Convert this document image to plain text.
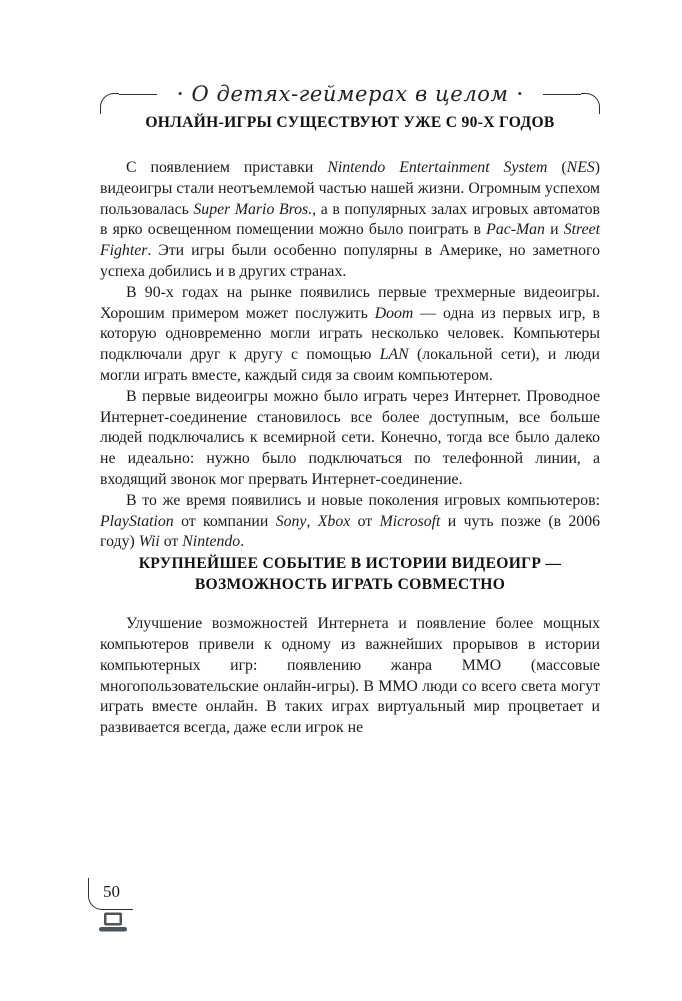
• О детях-геймерах в целом •
ОНЛАЙН-ИГРЫ СУЩЕСТВУЮТ УЖЕ С 90-Х ГОДОВ

С появлением приставки Nintendo Entertainment System (NES) видеоигры стали неотъемлемой частью нашей жизни. Огромным успехом пользовалась Super Mario Bros., а в популярных залах игровых автоматов в ярко освещенном помещении можно было поиграть в Pac-Man и Street Fighter. Эти игры были особенно популярны в Америке, но заметного успеха добились и в других странах.

В 90-х годах на рынке появились первые трехмерные видеоигры. Хорошим примером может послужить Doom — одна из первых игр, в которую одновременно могли играть несколько человек. Компьютеры подключали друг к другу с помощью LAN (локальной сети), и люди могли играть вместе, каждый сидя за своим компьютером.

В первые видеоигры можно было играть через Интернет. Проводное Интернет-соединение становилось все более доступным, все больше людей подключались к всемирной сети. Конечно, тогда все было далеко не идеально: нужно было подключаться по телефонной линии, а входящий звонок мог прервать Интернет-соединение.

В то же время появились и новые поколения игровых компьютеров: PlayStation от компании Sony, Xbox от Microsoft и чуть позже (в 2006 году) Wii от Nintendo.

КРУПНЕЙШЕЕ СОБЫТИЕ В ИСТОРИИ ВИДЕОИГР —
ВОЗМОЖНОСТЬ ИГРАТЬ СОВМЕСТНО

Улучшение возможностей Интернета и появление более мощных компьютеров привели к одному из важнейших прорывов в истории компьютерных игр: появлению жанра MMO (массовые многопользовательские онлайн-игры). В MMO люди со всего света могут играть вместе онлайн. В таких играх виртуальный мир процветает и развивается всегда, даже если игрок не

50
